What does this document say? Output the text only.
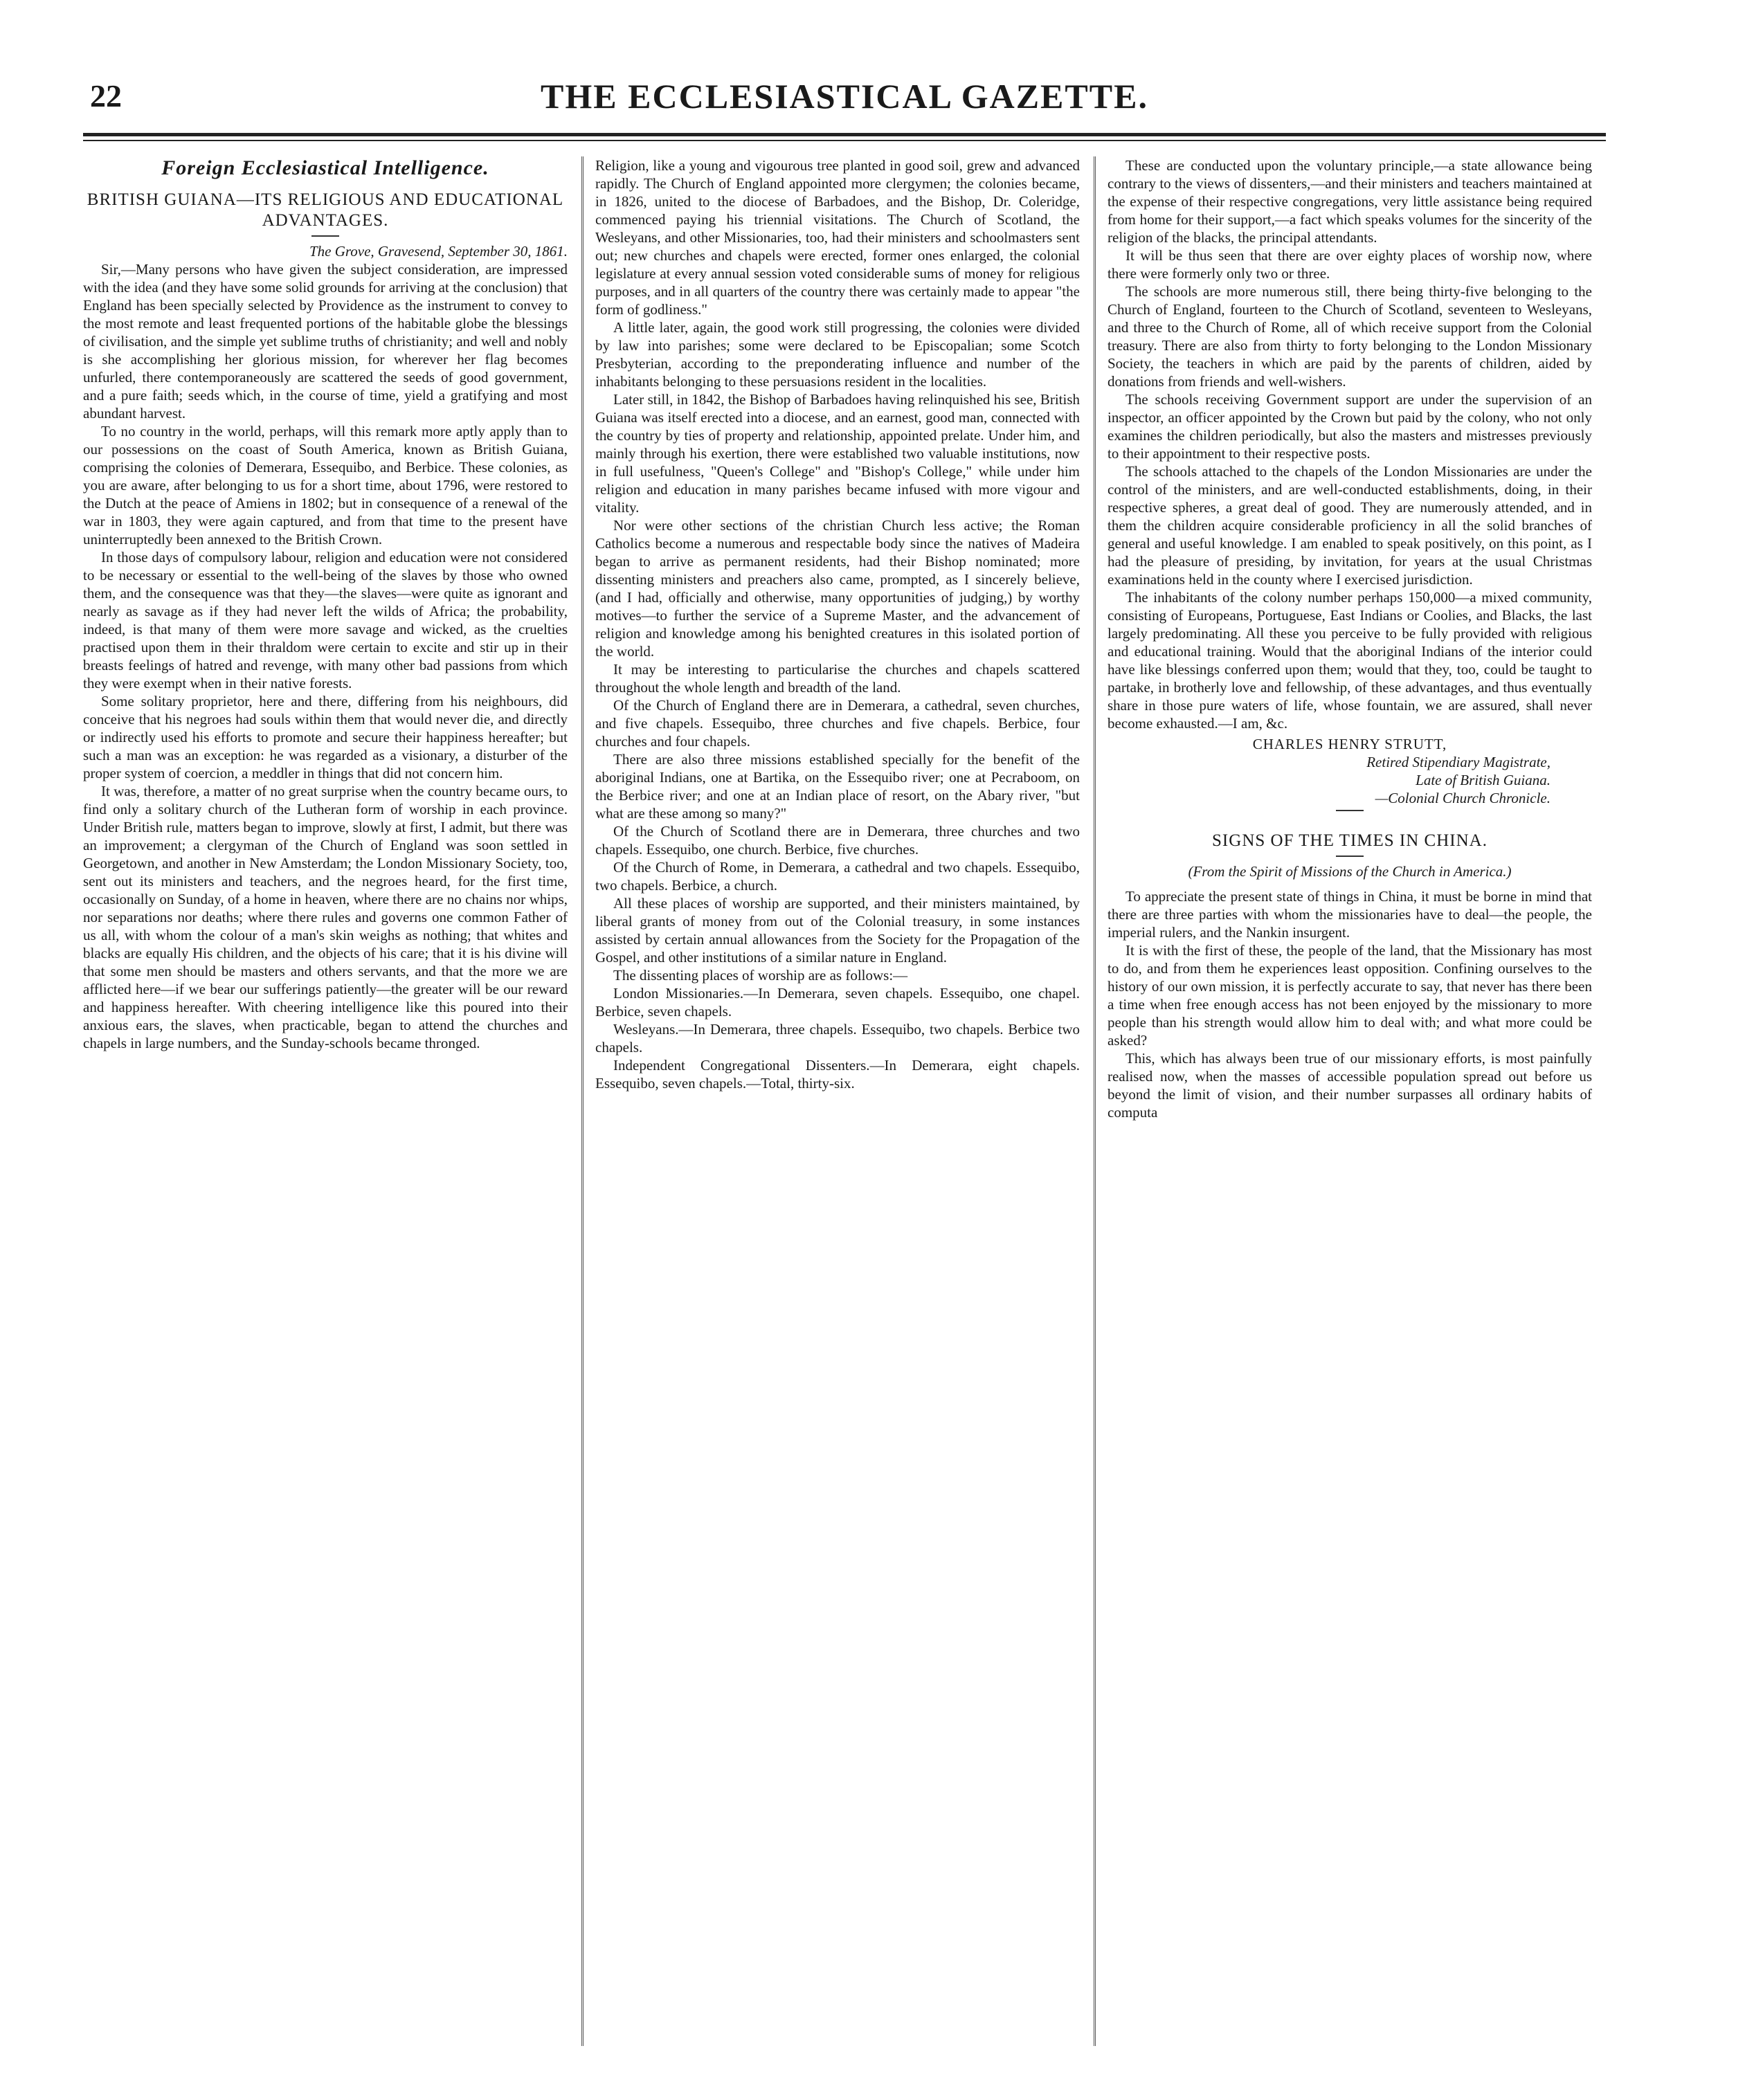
22	THE ECCLESIASTICAL GAZETTE.
Foreign Ecclesiastical Intelligence.
BRITISH GUIANA—ITS RELIGIOUS AND EDUCATIONAL ADVANTAGES.

The Grove, Gravesend, September 30, 1861.

Sir,—Many persons who have given the subject consideration, are impressed with the idea (and they have some solid grounds for arriving at the conclusion) that England has been specially selected by Providence as the instrument to convey to the most remote and least frequented portions of the habitable globe the blessings of civilisation, and the simple yet sublime truths of christianity; and well and nobly is she accomplishing her glorious mission, for wherever her flag becomes unfurled, there contemporaneously are scattered the seeds of good government, and a pure faith; seeds which, in the course of time, yield a gratifying and most abundant harvest.

To no country in the world, perhaps, will this remark more aptly apply than to our possessions on the coast of South America, known as British Guiana, comprising the colonies of Demerara, Essequibo, and Berbice. These colonies, as you are aware, after belonging to us for a short time, about 1796, were restored to the Dutch at the peace of Amiens in 1802; but in consequence of a renewal of the war in 1803, they were again captured, and from that time to the present have uninterruptedly been annexed to the British Crown.

In those days of compulsory labour, religion and education were not considered to be necessary or essential to the well-being of the slaves by those who owned them, and the consequence was that they—the slaves—were quite as ignorant and nearly as savage as if they had never left the wilds of Africa; the probability, indeed, is that many of them were more savage and wicked, as the cruelties practised upon them in their thraldom were certain to excite and stir up in their breasts feelings of hatred and revenge, with many other bad passions from which they were exempt when in their native forests.

Some solitary proprietor, here and there, differing from his neighbours, did conceive that his negroes had souls within them that would never die, and directly or indirectly used his efforts to promote and secure their happiness hereafter; but such a man was an exception: he was regarded as a visionary, a disturber of the proper system of coercion, a meddler in things that did not concern him.

It was, therefore, a matter of no great surprise when the country became ours, to find only a solitary church of the Lutheran form of worship in each province. Under British rule, matters began to improve, slowly at first, I admit, but there was an improvement; a clergyman of the Church of England was soon settled in Georgetown, and another in New Amsterdam; the London Missionary Society, too, sent out its ministers and teachers, and the negroes heard, for the first time, occasionally on Sunday, of a home in heaven, where there are no chains nor whips, nor separations nor deaths; where there rules and governs one common Father of us all, with whom the colour of a man's skin weighs as nothing; that whites and blacks are equally His children, and the objects of his care; that it is his divine will that some men should be masters and others servants, and that the more we are afflicted here—if we bear our sufferings patiently—the greater will be our reward and happiness hereafter. With cheering intelligence like this poured into their anxious ears, the slaves, when practicable, began to attend the churches and chapels in large numbers, and the Sunday-schools became thronged.

Religion, like a young and vigourous tree planted in good soil, grew and advanced rapidly. The Church of England appointed more clergymen; the colonies became, in 1826, united to the diocese of Barbadoes, and the Bishop, Dr. Coleridge, commenced paying his triennial visitations. The Church of Scotland, the Wesleyans, and other Missionaries, too, had their ministers and schoolmasters sent out; new churches and chapels were erected, former ones enlarged, the colonial legislature at every annual session voted considerable sums of money for religious purposes, and in all quarters of the country there was certainly made to appear "the form of godliness."

A little later, again, the good work still progressing, the colonies were divided by law into parishes; some were declared to be Episcopalian; some Scotch Presbyterian, according to the preponderating influence and number of the inhabitants belonging to these persuasions resident in the localities.

Later still, in 1842, the Bishop of Barbadoes having relinquished his see, British Guiana was itself erected into a diocese, and an earnest, good man, connected with the country by ties of property and relationship, appointed prelate. Under him, and mainly through his exertion, there were established two valuable institutions, now in full usefulness, "Queen's College" and "Bishop's College," while under him religion and education in many parishes became infused with more vigour and vitality.

Nor were other sections of the christian Church less active; the Roman Catholics become a numerous and respectable body since the natives of Madeira began to arrive as permanent residents, had their Bishop nominated; more dissenting ministers and preachers also came, prompted, as I sincerely believe, (and I had, officially and otherwise, many opportunities of judging,) by worthy motives—to further the service of a Supreme Master, and the advancement of religion and knowledge among his benighted creatures in this isolated portion of the world.

It may be interesting to particularise the churches and chapels scattered throughout the whole length and breadth of the land.

Of the Church of England there are in Demerara, a cathedral, seven churches, and five chapels. Essequibo, three churches and five chapels. Berbice, four churches and four chapels.

There are also three missions established specially for the benefit of the aboriginal Indians, one at Bartika, on the Essequibo river; one at Pecraboom, on the Berbice river; and one at an Indian place of resort, on the Abary river, "but what are these among so many?"

Of the Church of Scotland there are in Demerara, three churches and two chapels. Essequibo, one church. Berbice, five churches.

Of the Church of Rome, in Demerara, a cathedral and two chapels. Essequibo, two chapels. Berbice, a church.

All these places of worship are supported, and their ministers maintained, by liberal grants of money from out of the Colonial treasury, in some instances assisted by certain annual allowances from the Society for the Propagation of the Gospel, and other institutions of a similar nature in England.

The dissenting places of worship are as follows:—

London Missionaries.—In Demerara, seven chapels. Essequibo, one chapel. Berbice, seven chapels.

Wesleyans.—In Demerara, three chapels. Essequibo, two chapels. Berbice two chapels.

Independent Congregational Dissenters.—In Demerara, eight chapels. Essequibo, seven chapels.—Total, thirty-six.

These are conducted upon the voluntary principle,—a state allowance being contrary to the views of dissenters,—and their ministers and teachers maintained at the expense of their respective congregations, very little assistance being required from home for their support,—a fact which speaks volumes for the sincerity of the religion of the blacks, the principal attendants.

It will be thus seen that there are over eighty places of worship now, where there were formerly only two or three.

The schools are more numerous still, there being thirty-five belonging to the Church of England, fourteen to the Church of Scotland, seventeen to Wesleyans, and three to the Church of Rome, all of which receive support from the Colonial treasury. There are also from thirty to forty belonging to the London Missionary Society, the teachers in which are paid by the parents of children, aided by donations from friends and well-wishers.

The schools receiving Government support are under the supervision of an inspector, an officer appointed by the Crown but paid by the colony, who not only examines the children periodically, but also the masters and mistresses previously to their appointment to their respective posts.

The schools attached to the chapels of the London Missionaries are under the control of the ministers, and are well-conducted establishments, doing, in their respective spheres, a great deal of good. They are numerously attended, and in them the children acquire considerable proficiency in all the solid branches of general and useful knowledge. I am enabled to speak positively, on this point, as I had the pleasure of presiding, by invitation, for years at the usual Christmas examinations held in the county where I exercised jurisdiction.

The inhabitants of the colony number perhaps 150,000—a mixed community, consisting of Europeans, Portuguese, East Indians or Coolies, and Blacks, the last largely predominating. All these you perceive to be fully provided with religious and educational training. Would that the aboriginal Indians of the interior could have like blessings conferred upon them; would that they, too, could be taught to partake, in brotherly love and fellowship, of these advantages, and thus eventually share in those pure waters of life, whose fountain, we are assured, shall never become exhausted.—I am, &c.

CHARLES HENRY STRUTT,

Retired Stipendiary Magistrate,

Late of British Guiana.

—Colonial Church Chronicle.

SIGNS OF THE TIMES IN CHINA.

(From the Spirit of Missions of the Church in America.)

To appreciate the present state of things in China, it must be borne in mind that there are three parties with whom the missionaries have to deal—the people, the imperial rulers, and the Nankin insurgent.

It is with the first of these, the people of the land, that the Missionary has most to do, and from them he experiences least opposition. Confining ourselves to the history of our own mission, it is perfectly accurate to say, that never has there been a time when free enough access has not been enjoyed by the missionary to more people than his strength would allow him to deal with; and what more could be asked?

This, which has always been true of our missionary efforts, is most painfully realised now, when the masses of accessible population spread out before us beyond the limit of vision, and their number surpasses all ordinary habits of computa
